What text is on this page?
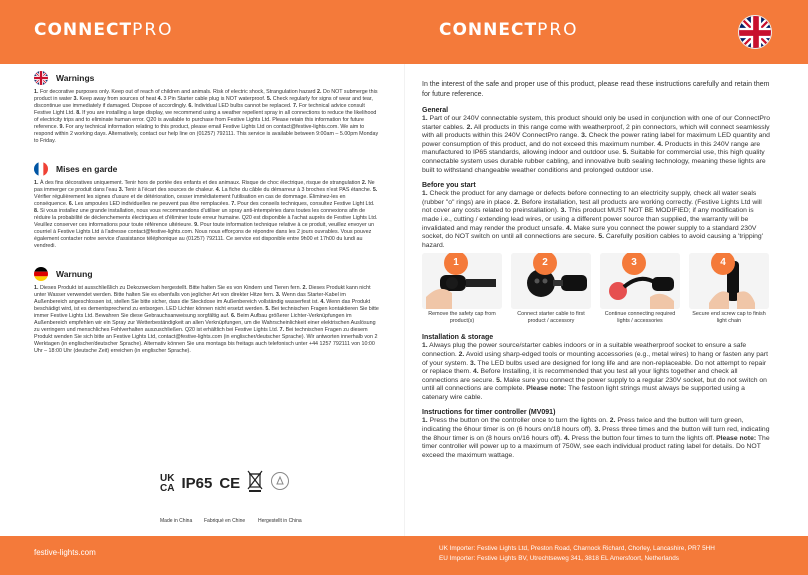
CONNECTPRO	CONNECTPRO
Warnings

1. For decorative purposes only. Keep out of reach of children and animals. Risk of electric shock, Strangulation hazard 2. Do NOT submerge this product in water 3. Keep away from sources of heat 4. 3 Pin Starter cable plug is NOT waterproof. 5. Check regularly for signs of wear and tear, discontinue use immediately if damaged. Dispose of accordingly. 6. Individual LED bulbs cannot be replaced. 7. For technical advice consult Festive Light Ltd. 8. If you are installing a large display, we recommend using a weather repellent spray in all connections to reduce the likelihood of electricity trips and to eliminate human error. Q20 is available to purchase from Festive Lights Ltd. Please retain this information for future reference. 9. For any technical information relating to this product, please email Festive Lights Ltd on contact@festive-lights.com. We aim to respond within 2 working days. Alternatively, contact our help line on (01257) 792111. This service is available between 9:00am – 5.00pm Monday to Friday.

Mises en garde

1. À des fins décoratives uniquement. Tenir hors de portée des enfants et des animaux. Risque de choc électrique, risque de strangulation 2. Ne pas immerger ce produit dans l'eau 3. Tenir à l'écart des sources de chaleur. 4. La fiche du câble du démarreur à 3 broches n'est PAS étanche. 5. Vérifier régulièrement les signes d'usure et de détérioration, cesser immédiatement l'utilisation en cas de dommage. Éliminez-les en conséquence. 6. Les ampoules LED individuelles ne peuvent pas être remplacées. 7. Pour des conseils techniques, consultez Festive Light Ltd. 8. Si vous installez une grande installation, nous vous recommandons d'utiliser un spray anti-intempéries dans toutes les connexions afin de réduire la probabilité de déclenchements électriques et d'éliminer toute erreur humaine. Q20 est disponible à l'achat auprès de Festive Lights Ltd. Veuillez conserver ces informations pour toute référence ultérieure. 9. Pour toute information technique relative à ce produit, veuillez envoyer un courriel à Festive Lights Ltd à l'adresse contact@festive-lights.com. Nous nous efforçons de répondre dans les 2 jours ouvrables. Vous pouvez également contacter notre service d'assistance téléphonique au (01257) 792111. Ce service est disponible entre 9h00 et 17h00 du lundi au vendredi.

Warnung

1. Dieses Produkt ist ausschließlich zu Dekozwecken hergestellt. Bitte halten Sie es von Kindern und Tieren fern. 2. Dieses Produkt kann nicht unter Wasser verwendet werden. Bitte halten Sie es ebenfalls von jeglicher Art von direkter Hitze fern. 3. Wenn das Starter-Kabel im Außenbereich angeschlossen ist, stellen Sie bitte sicher, dass die Steckdose im Außenbereich vollständig wasserfest ist. 4. Wenn das Produkt beschädigt wird, ist es dementsprechend zu entsorgen. LED Lichter können nicht ersetzt werden. 5. Bei technischen Fragen kontaktieren Sie bitte immer Festive Lights Ltd. Bewahren Sie diese Gebrauchsanweisung sorgfältig auf. 6. Beim Aufbau größerer Lichter-Verknüpfungen im Außenbereich empfehlen wir ein Spray zur Wetterbeständigkeit an allen Verknüpfungen, um die Wahrscheinlichkeit einer elektrischen Auslösung zu verringern und menschliches Fehlverhalten auszuschließen. Q20 ist erhältlich bei Festive Lights Ltd. 7. Bei technischen Fragen zu diesem Produkt wenden Sie sich bitte an Festive Lights Ltd, contact@festive-lights.com (in englischer/deutscher Sprache). Wir antworten innerhalb von 2 Werktagen (in englischer/deutscher Sprache). Alternativ können Sie uns montags bis freitags auch telefonisch unter +44 1257 792111 von 10:00 Uhr – 18:00 Uhr (deutsche Zeit) erreichen (in englischer Sprache).

UK
CA IP65 CE
Made in China Fabriqué en Chine	Hergestellt in China

In the interest of the safe and proper use of this product, please read these instructions carefully and retain them for future reference.

General

1. Part of our 240V connectable system, this product should only be used in conjunction with one of our ConnectPro starter cables. 2. All products in this range come with weatherproof, 2 pin connectors, which will connect seamlessly with all products within this 240V ConnectPro range. 3. Check the power rating label for maximum LED quantity and power consumption of this product, and do not exceed this maximum number. 4. Products in this 240V range are manufactured to IP65 standards, allowing indoor and outdoor use. 5. Suitable for commercial use, this high quality connectable system uses durable rubber cabling, and innovative bulb sealing technology, meaning these lights are built to withstand changeable weather conditions and prolonged outdoor use.

Before you start

1. Check the product for any damage or defects before connecting to an electricity supply, check all water seals (rubber "o" rings) are in place. 2. Before installation, test all products are working correctly. (Festive Lights Ltd will not cover any costs related to preinstallation). 3. This product MUST NOT BE MODIFIED; if any modification is made i.e., cutting / extending lead wires, or using a different power source than supplied, the warranty will be invalidated and may render the product unsafe. 4. Make sure you connect the power supply to a standard 230V socket, do NOT switch on until all connections are secure. 5. Carefully position cables to avoid causing a 'tripping' hazard.

1
Remove the safety cap from product(s)
2
Connect starter cable to first product / accessory
3
Continue connecting required lights / accessories
4
Secure end screw cap to finish light chain
Installation & storage

1. Always plug the power source/starter cables indoors or in a suitable weatherproof socket to ensure a safe connection. 2. Avoid using sharp-edged tools or mounting accessories (e.g., metal wires) to hang or fasten any part of your system. 3. The LED bulbs used are designed for long life and are non-replaceable. Do not attempt to repair or replace them. 4. Before Installing, it is recommended that you test all your lights together and check all connections are secure. 5. Make sure you connect the power supply to a regular 230V socket, but do not switch on until all connections are complete. Please note: The festoon light strings must always be supported using a catenary wire cable.

Instructions for timer controller (MV091)

1. Press the button on the controller once to turn the lights on. 2. Press twice and the button will turn green, indicating the 6hour timer is on (6 hours on/18 hours off). 3. Press three times and the button will turn red, indicating the 8hour timer is on (8 hours on/16 hours off). 4. Press the button four times to turn the lights off. Please note: The timer controller will power up to a maximum of 750W, see each individual product rating label for details. Do NOT exceed the maximum wattage.

festive-lights.com	UK Importer: Festive Lights Ltd, Preston Road, Charnock Richard, Chorley, Lancashire, PR7 5HH
EU Importer: Festive Lights BV, Utrechtseweg 341, 3818 EL Amersfoort, Netherlands
